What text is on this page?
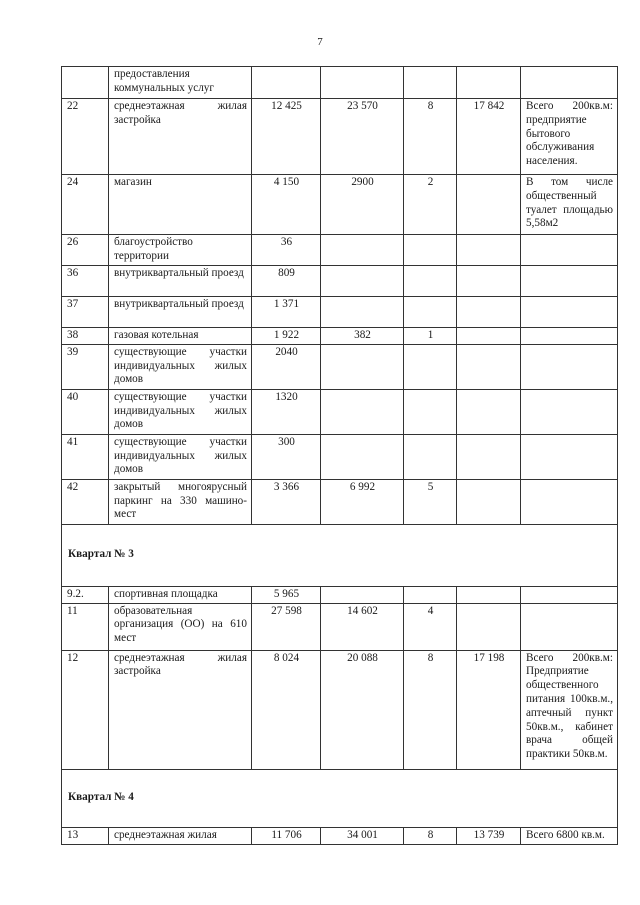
7
	предоставления коммунальных услуг					
22	среднеэтажная жилая застройка	12 425	23 570	8	17 842	Всего 200кв.м: предприятие бытового обслуживания населения.
24	магазин	4 150	2900	2		В том числе общественный туалет площадью 5,58м2
26	благоустройство территории	36				
36	внутриквартальный проезд	809				
37	внутриквартальный проезд	1 371				
38	газовая котельная	1 922	382	1		
39	существующие участки индивидуальных жилых домов	2040				
40	существующие участки индивидуальных жилых домов	1320				
41	существующие участки индивидуальных жилых домов	300				
42	закрытый многоярусный паркинг на 330 машино-мест	3 366	6 992	5		
Квартал № 3						
9.2.	спортивная площадка	5 965				
11	образовательная организация (ОО) на 610 мест	27 598	14 602	4		
12	среднеэтажная жилая застройка	8 024	20 088	8	17 198	Всего 200кв.м: Предприятие общественного питания 100кв.м., аптечный пункт 50кв.м., кабинет врача общей практики 50кв.м.
Квартал № 4						
13	среднеэтажная жилая	11 706	34 001	8	13 739	Всего 6800 кв.м.
